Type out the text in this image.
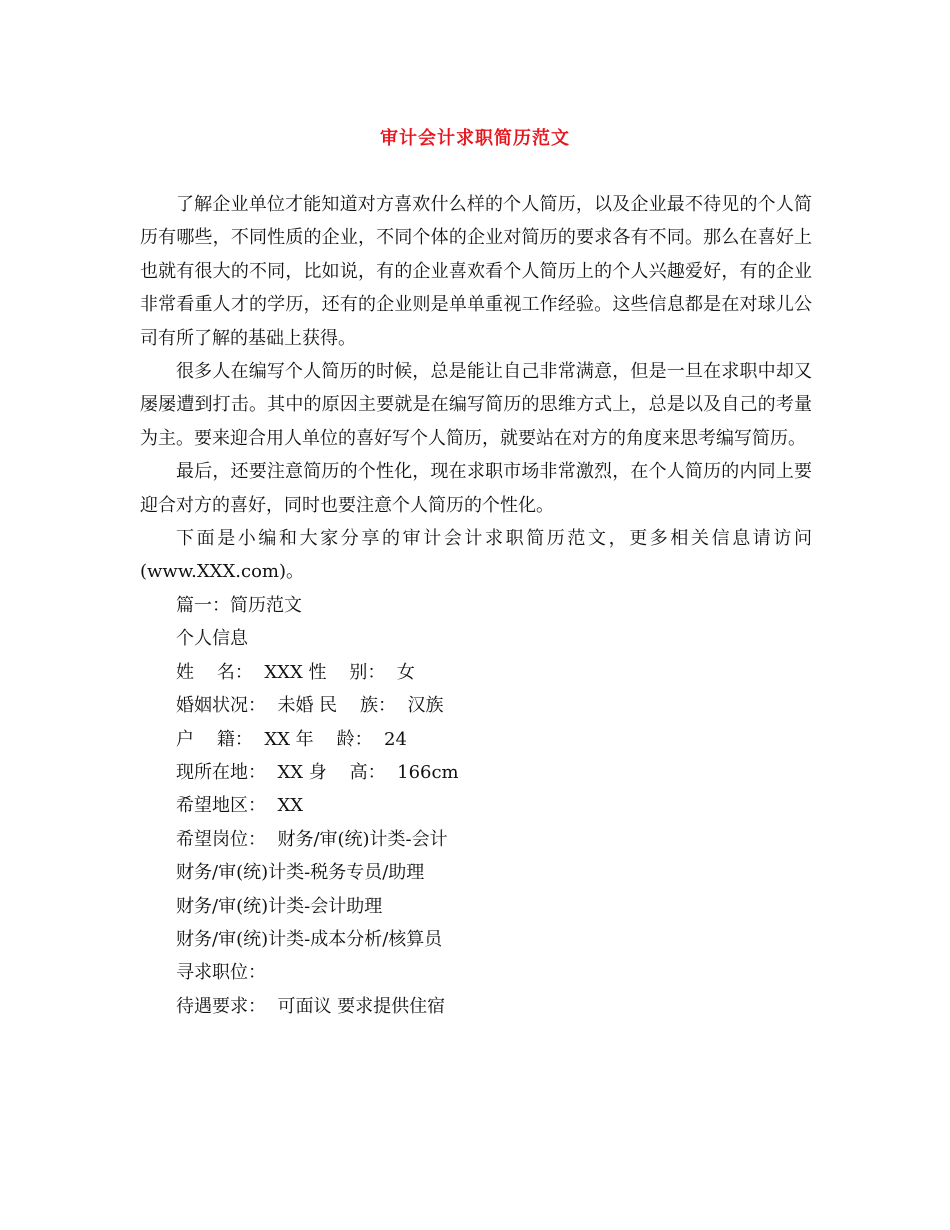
审计会计求职简历范文

了解企业单位才能知道对方喜欢什么样的个人简历，以及企业最不待见的个人简历有哪些，不同性质的企业，不同个体的企业对简历的要求各有不同。那么在喜好上也就有很大的不同，比如说，有的企业喜欢看个人简历上的个人兴趣爱好，有的企业非常看重人才的学历，还有的企业则是单单重视工作经验。这些信息都是在对球儿公司有所了解的基础上获得。

很多人在编写个人简历的时候，总是能让自己非常满意，但是一旦在求职中却又屡屡遭到打击。其中的原因主要就是在编写简历的思维方式上，总是以及自己的考量为主。要来迎合用人单位的喜好写个人简历，就要站在对方的角度来思考编写简历。

最后，还要注意简历的个性化，现在求职市场非常激烈，在个人简历的内同上要迎合对方的喜好，同时也要注意个人简历的个性化。

下面是小编和大家分享的审计会计求职简历范文，更多相关信息请访问(www.XXX.com)。

篇一：简历范文

个人信息

姓    名：  XXX 性    别：  女

婚姻状况：  未婚 民    族：  汉族

户    籍：  XX 年    龄：  24

现所在地：  XX 身    高：  166cm

希望地区：  XX

希望岗位：  财务/审(统)计类-会计

财务/审(统)计类-税务专员/助理

财务/审(统)计类-会计助理

财务/审(统)计类-成本分析/核算员

寻求职位：

待遇要求：  可面议 要求提供住宿
